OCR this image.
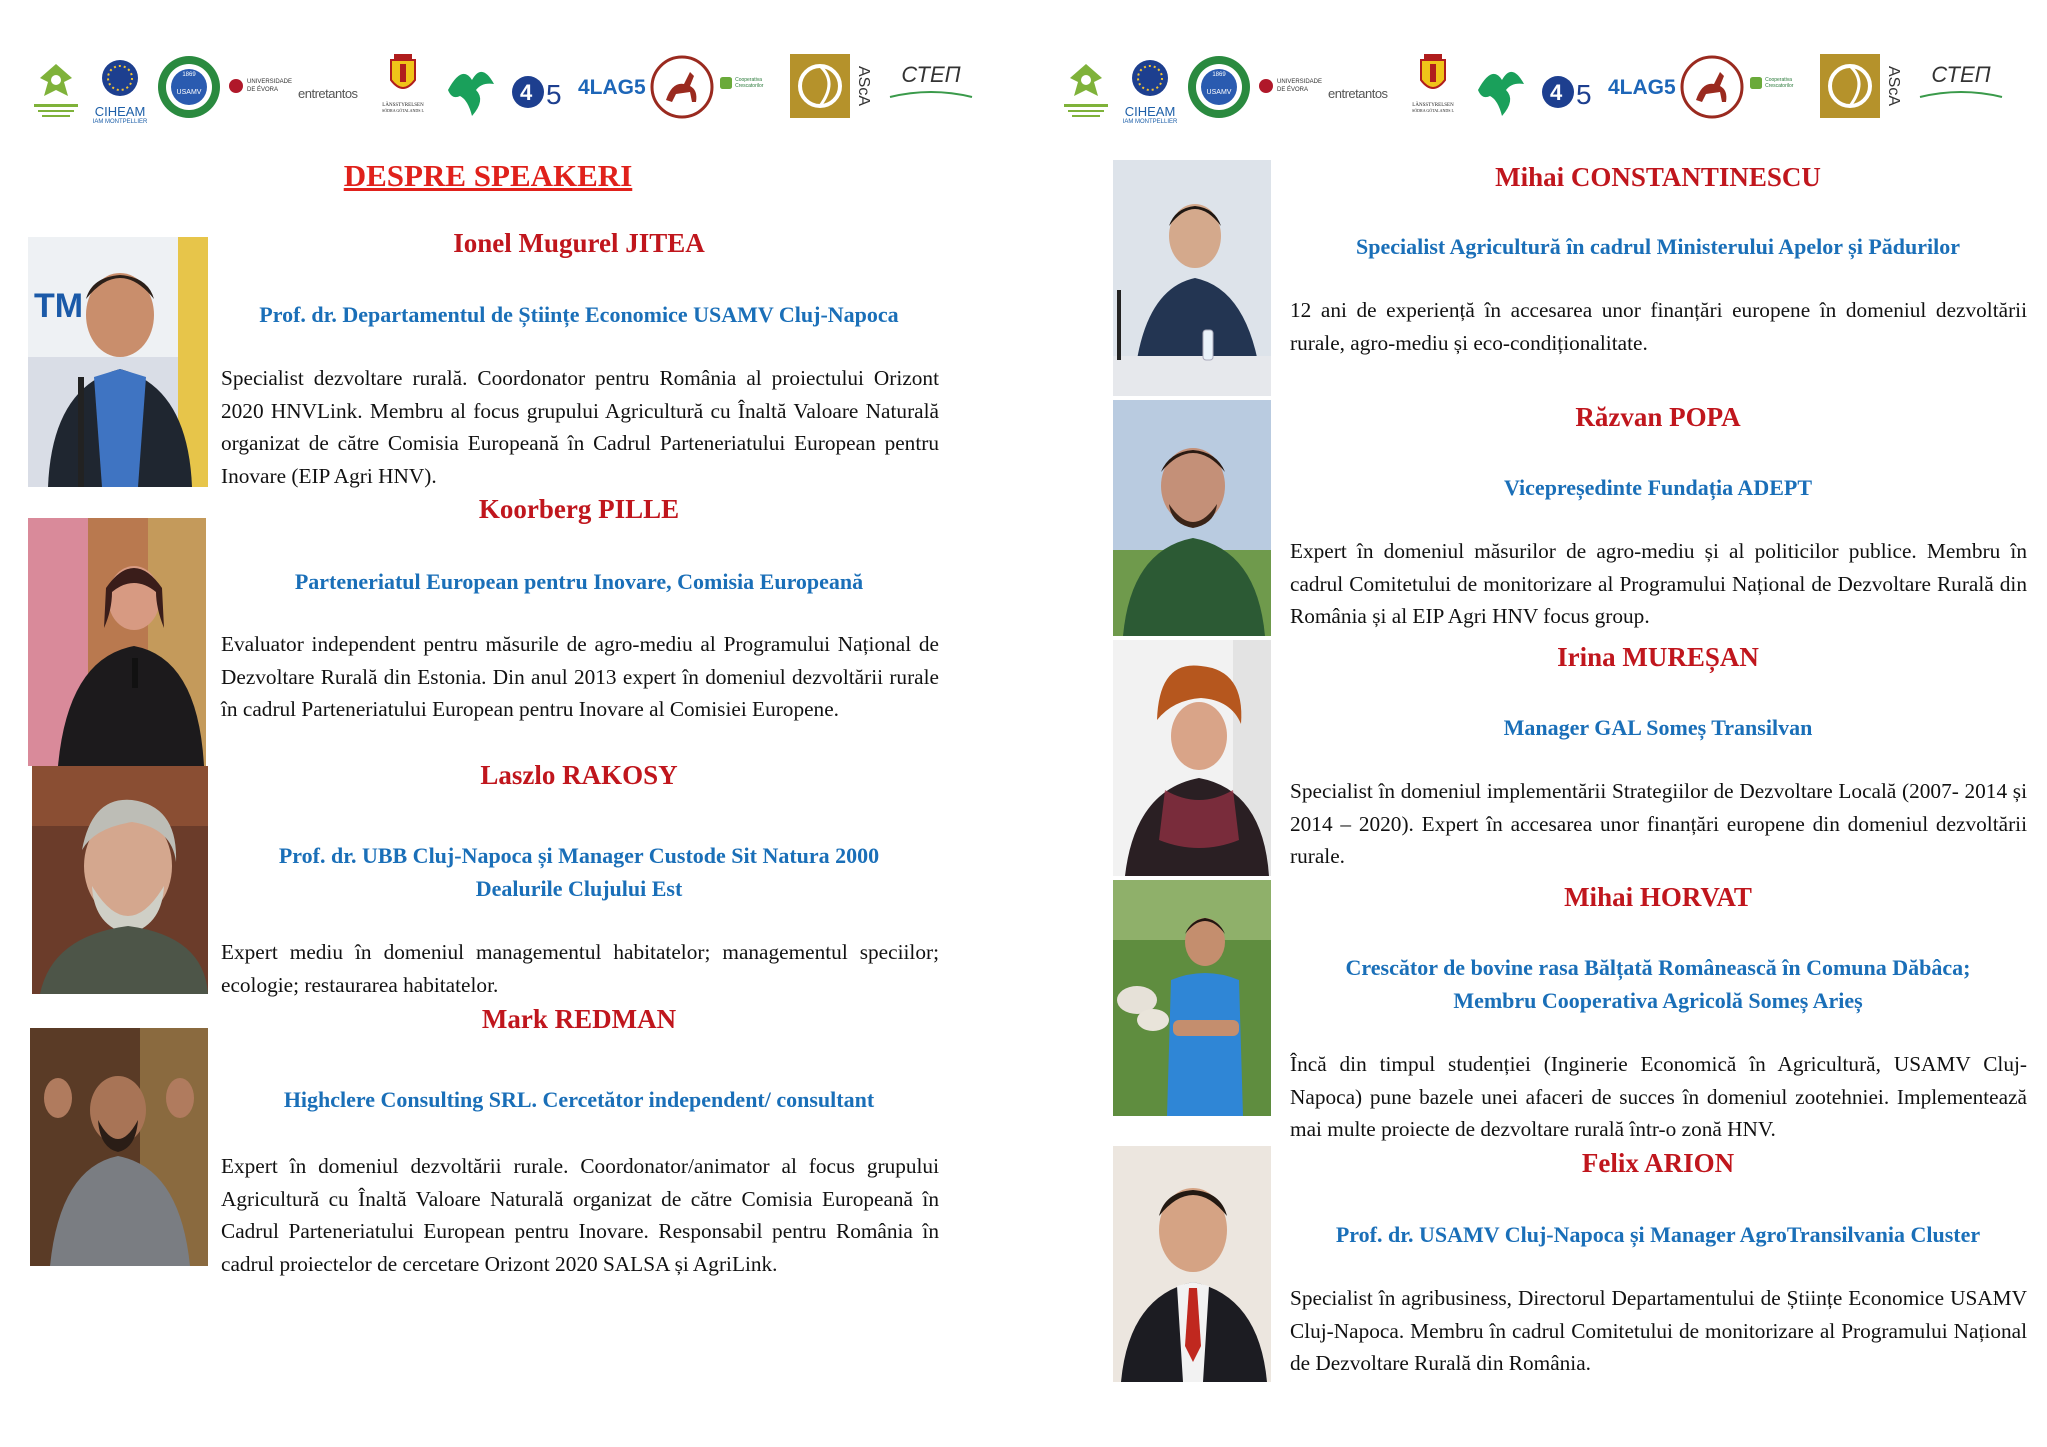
CIHEAM
IAM MONTPELLIER
1869
USAMV
UNIVERSIDADE DE ÉVORA	entretantos
LÄNSSTYRELSEN
SÖDRA GÖTALANDS L
4 5 4LAG5	Cooperativa Crescatorilor	AScA	СТЕП
CIHEAM
IAM MONTPELLIER
1869
USAMV
UNIVERSIDADE DE ÉVORA	entretantos
LÄNSSTYRELSEN
SÖDRA GÖTALANDS L
4 5 4LAG5	Cooperativa Crescatorilor	AScA	СТЕП
DESPRE SPEAKERI
TM
Ionel Mugurel JITEA
Prof. dr. Departamentul de Științe Economice USAMV Cluj-Napoca
Specialist dezvoltare rurală. Coordonator pentru România al proiectului Orizont 2020 HNVLink. Membru al focus grupului Agricultură cu Înaltă Valoare Naturală organizat de către Comisia Europeană în Cadrul Parteneriatului European pentru Inovare (EIP Agri HNV).
Koorberg PILLE
Parteneriatul European pentru Inovare, Comisia Europeană
Evaluator independent pentru măsurile de agro-mediu al Programului Național de Dezvoltare Rurală din Estonia. Din anul 2013 expert în domeniul dezvoltării rurale în cadrul Parteneriatului European pentru Inovare al Comisiei Europene.
Laszlo RAKOSY
Prof. dr. UBB Cluj-Napoca și Manager Custode Sit Natura 2000
Dealurile Clujului Est
Expert mediu în domeniul managementul habitatelor; managementul speciilor; ecologie; restaurarea habitatelor.
Mark REDMAN
Highclere Consulting SRL. Cercetător independent/ consultant
Expert în domeniul dezvoltării rurale. Coordonator/animator al focus grupului Agricultură cu Înaltă Valoare Naturală organizat de către Comisia Europeană în Cadrul Parteneriatului European pentru Inovare. Responsabil pentru România în cadrul proiectelor de cercetare Orizont 2020 SALSA și AgriLink.
Mihai CONSTANTINESCU
Specialist Agricultură în cadrul Ministerului Apelor și Pădurilor
12 ani de experiență în accesarea unor finanțări europene în domeniul dezvoltării rurale, agro-mediu și eco-condiționalitate.
Răzvan POPA
Vicepreședinte Fundația ADEPT
Expert în domeniul măsurilor de agro-mediu și al politicilor publice. Membru în cadrul Comitetului de monitorizare al Programului Național de Dezvoltare Rurală din România și al EIP Agri HNV focus group.
Irina MUREȘAN
Manager GAL Someș Transilvan
Specialist în domeniul implementării Strategiilor de Dezvoltare Locală (2007- 2014 și 2014 – 2020). Expert în accesarea unor finanțări europene din domeniul dezvoltării rurale.
Mihai HORVAT
Crescător de bovine rasa Bălțată Românească în Comuna Dăbâca;
Membru Cooperativa Agricolă Someș Arieș
Încă din timpul studenției (Inginerie Economică în Agricultură, USAMV Cluj-Napoca) pune bazele unei afaceri de succes în domeniul zootehniei. Implementează mai multe proiecte de dezvoltare rurală într-o zonă HNV.
Felix ARION
Prof. dr. USAMV Cluj-Napoca și Manager AgroTransilvania Cluster
Specialist în agribusiness, Directorul Departamentului de Științe Economice USAMV Cluj-Napoca. Membru în cadrul Comitetului de monitorizare al Programului Național de Dezvoltare Rurală din România.
